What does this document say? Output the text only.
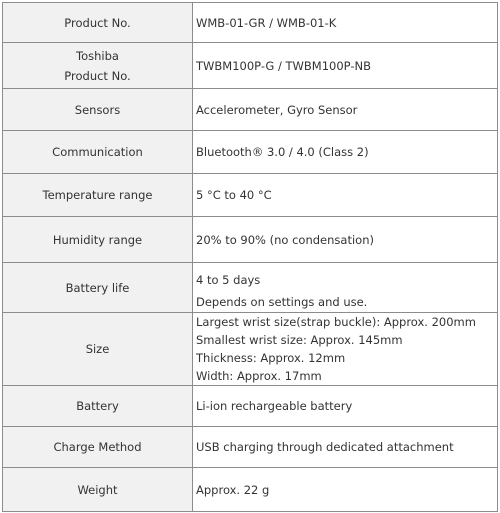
Product No.	WMB-01-GR / WMB-01-K

Toshiba
Product No.	TWBM100P-G / TWBM100P-NB

Sensors	Accelerometer, Gyro Sensor

Communication	Bluetooth® 3.0 / 4.0 (Class 2)

Temperature range	5 °C to 40 °C

Humidity range	20% to 90% (no condensation)

Battery life	4 to 5 days
Depends on settings and use.

Size	Largest wrist size(strap buckle): Approx. 200mm
Smallest wrist size: Approx. 145mm
Thickness: Approx. 12mm
Width: Approx. 17mm

Battery	Li-ion rechargeable battery

Charge Method	USB charging through dedicated attachment

Weight	Approx. 22 g
